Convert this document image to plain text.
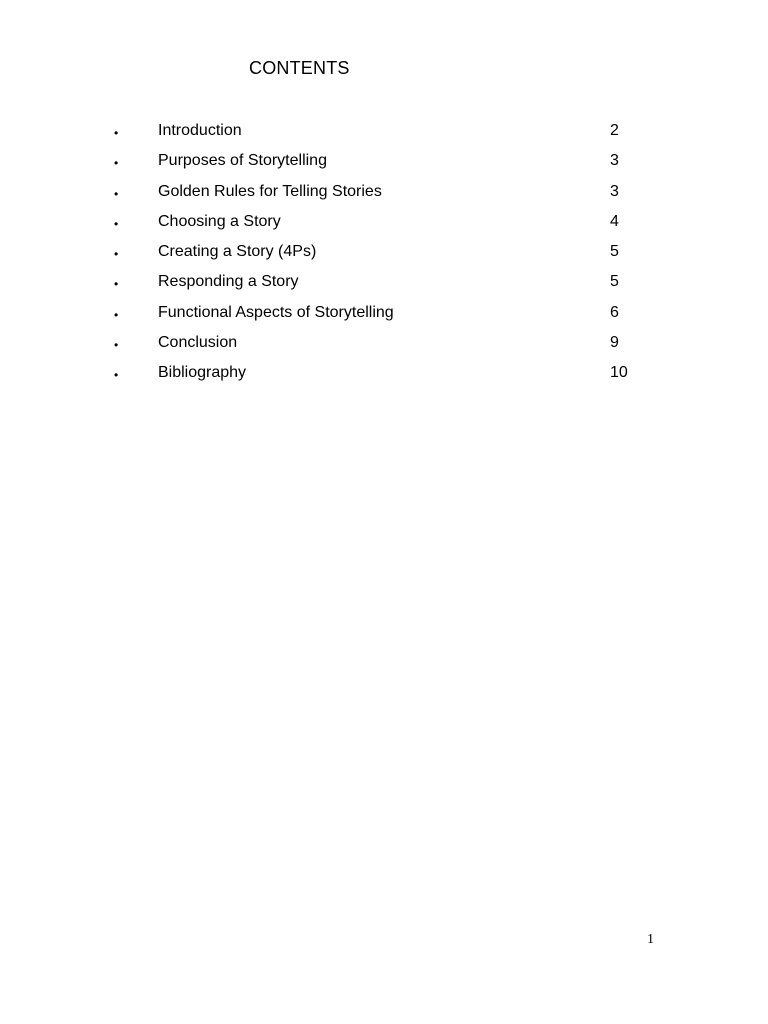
CONTENTS
• Introduction	2
• Purposes of Storytelling	3
• Golden Rules for Telling Stories	3
• Choosing a Story	4
• Creating a Story (4Ps)	5
• Responding a Story	5
• Functional Aspects of Storytelling	6
• Conclusion	9
• Bibliography	10
1
